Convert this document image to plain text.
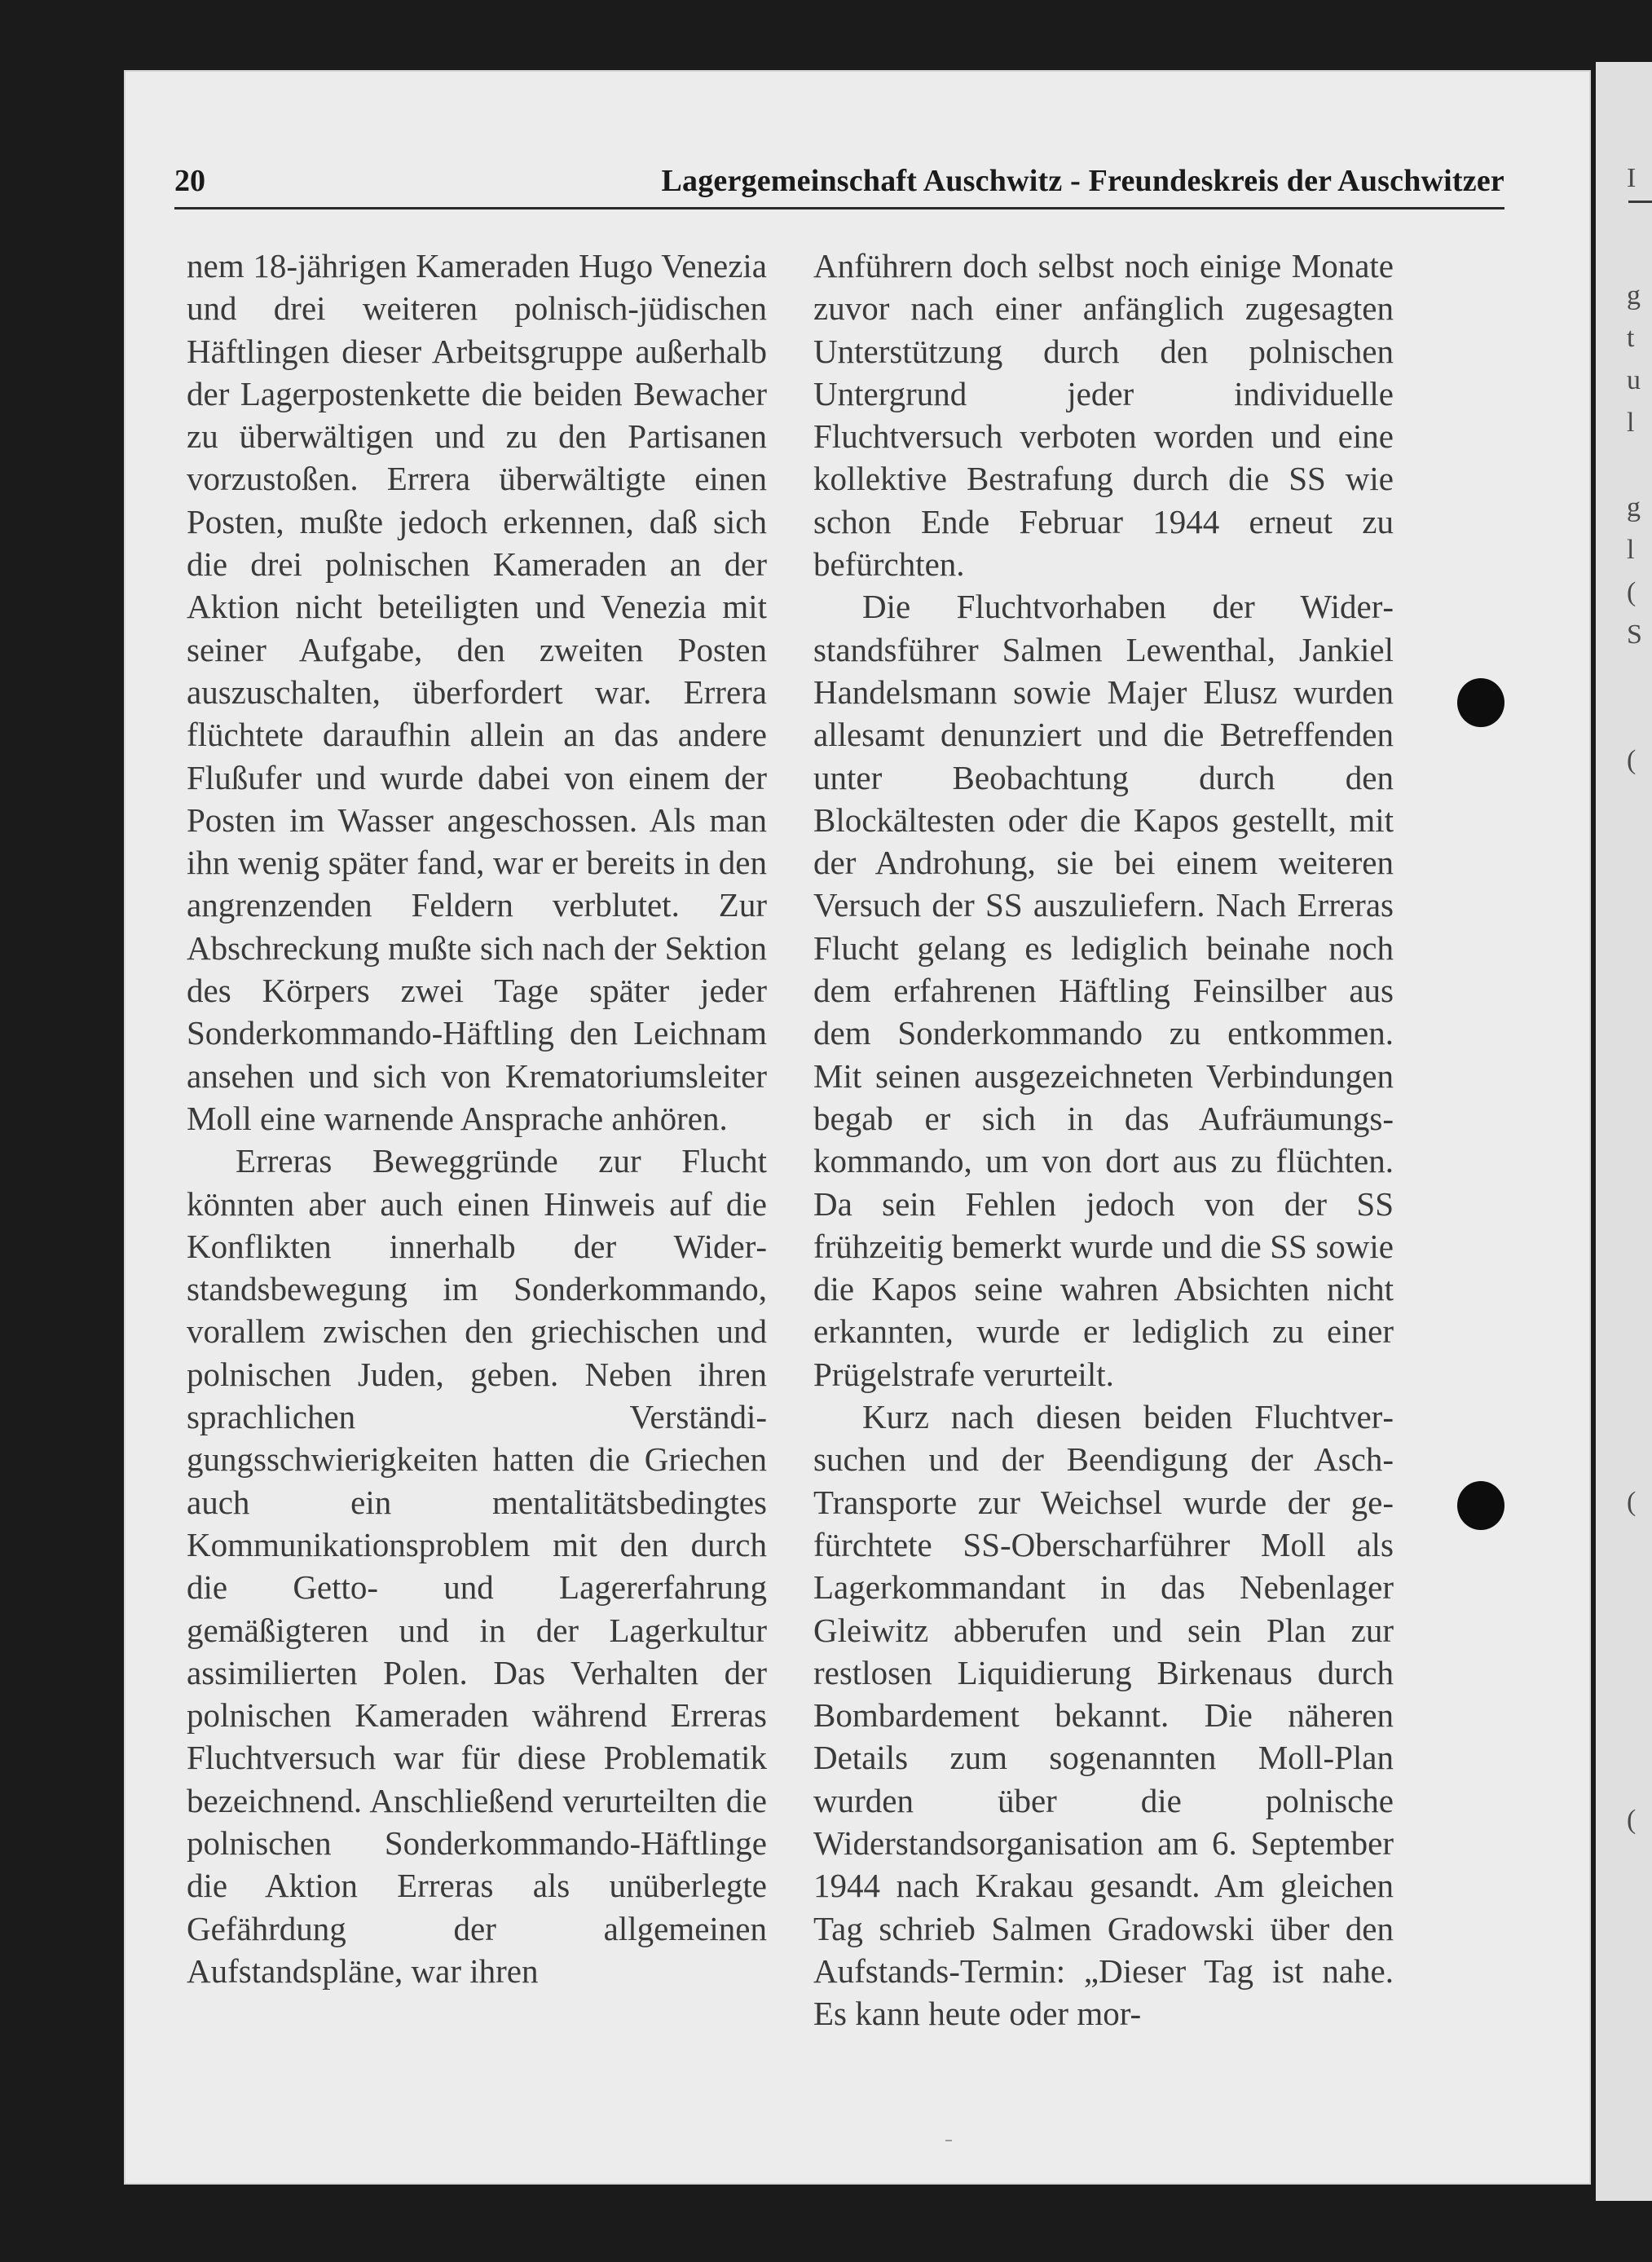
I
g
t
u
l
g
l
(
S
(
(
(
20	Lagergemeinschaft Auschwitz - Freundeskreis der Auschwitzer

nem 18-jährigen Kameraden Hugo Venezia und drei weiteren polnisch-jüdischen Häftlingen dieser Arbeitsgruppe außerhalb der Lagerpostenkette die beiden Bewacher zu überwältigen und zu den Partisanen vorzustoßen. Errera überwältigte einen Posten, mußte jedoch erkennen, daß sich die drei polnischen Kameraden an der Aktion nicht beteiligten und Venezia mit seiner Aufgabe, den zweiten Posten auszuschalten, überfordert war. Errera flüchtete daraufhin allein an das andere Flußufer und wurde dabei von einem der Posten im Wasser angeschossen. Als man ihn wenig später fand, war er bereits in den angrenzenden Feldern verblutet. Zur Abschreckung mußte sich nach der Sektion des Körpers zwei Tage später jeder Sonderkommando-Häftling den Leichnam ansehen und sich von Krematoriumsleiter Moll eine warnende Ansprache anhören.

Erreras Beweggründe zur Flucht könnten aber auch einen Hinweis auf die Konflikten innerhalb der Widerstandsbewegung im Sonderkommando, vorallem zwischen den griechischen und polnischen Juden, geben. Neben ihren sprachlichen Verständigungsschwierigkeiten hatten die Griechen auch ein mentalitätsbedingtes Kommunikationsproblem mit den durch die Getto- und Lagererfahrung gemäßigteren und in der Lagerkultur assimilierten Polen. Das Verhalten der polnischen Kameraden während Erreras Fluchtversuch war für diese Problematik bezeichnend. Anschließend verurteilten die polnischen Sonderkommando-Häftlinge die Aktion Erreras als unüberlegte Gefährdung der allgemeinen Aufstandspläne, war ihren

Anführern doch selbst noch einige Monate zuvor nach einer anfänglich zugesagten Unterstützung durch den polnischen Untergrund jeder individuelle Fluchtversuch verboten worden und eine kollektive Bestrafung durch die SS wie schon Ende Februar 1944 erneut zu befürchten.

Die Fluchtvorhaben der Widerstandsführer Salmen Lewenthal, Jankiel Handelsmann sowie Majer Elusz wurden allesamt denunziert und die Betreffenden unter Beobachtung durch den Blockältesten oder die Kapos gestellt, mit der Androhung, sie bei einem weiteren Versuch der SS auszuliefern. Nach Erreras Flucht gelang es lediglich beinahe noch dem erfahrenen Häftling Feinsilber aus dem Sonderkommando zu entkommen. Mit seinen ausgezeichneten Verbindungen begab er sich in das Aufräumungskommando, um von dort aus zu flüchten. Da sein Fehlen jedoch von der SS frühzeitig bemerkt wurde und die SS sowie die Kapos seine wahren Absichten nicht erkannten, wurde er lediglich zu einer Prügelstrafe verurteilt.

Kurz nach diesen beiden Fluchtversuchen und der Beendigung der Asch-Transporte zur Weichsel wurde der gefürchtete SS-Oberscharführer Moll als Lagerkommandant in das Nebenlager Gleiwitz abberufen und sein Plan zur restlosen Liquidierung Birkenaus durch Bombardement bekannt. Die näheren Details zum sogenannten Moll-Plan wurden über die polnische Widerstandsorganisation am 6. September 1944 nach Krakau gesandt. Am gleichen Tag schrieb Salmen Gradowski über den Aufstands-Termin: „Dieser Tag ist nahe. Es kann heute oder mor-
